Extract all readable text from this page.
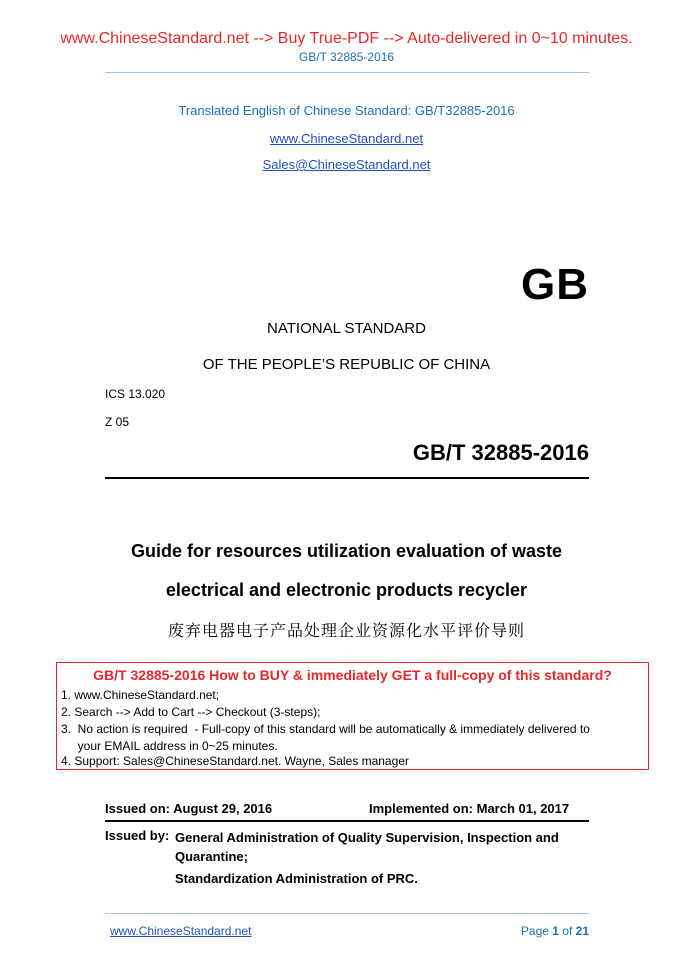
www.ChineseStandard.net --> Buy True-PDF --> Auto-delivered in 0~10 minutes.
GB/T 32885-2016
Translated English of Chinese Standard: GB/T32885-2016
www.ChineseStandard.net
Sales@ChineseStandard.net
GB
NATIONAL STANDARD
OF THE PEOPLE’S REPUBLIC OF CHINA
ICS 13.020
Z 05
GB/T 32885-2016
Guide for resources utilization evaluation of waste
electrical and electronic products recycler
废弃电器电子产品处理企业资源化水平评价导则
GB/T 32885-2016 How to BUY & immediately GET a full-copy of this standard?
1. www.ChineseStandard.net;
2. Search --> Add to Cart --> Checkout (3-steps);
3.  No action is required  - Full-copy of this standard will be automatically & immediately delivered to
your EMAIL address in 0~25 minutes.
4. Support: Sales@ChineseStandard.net. Wayne, Sales manager
Issued on: August 29, 2016	Implemented on: March 01, 2017
Issued by: General Administration of Quality Supervision, Inspection and Quarantine;
Standardization Administration of PRC.
www.ChineseStandard.net	Page 1 of 21
